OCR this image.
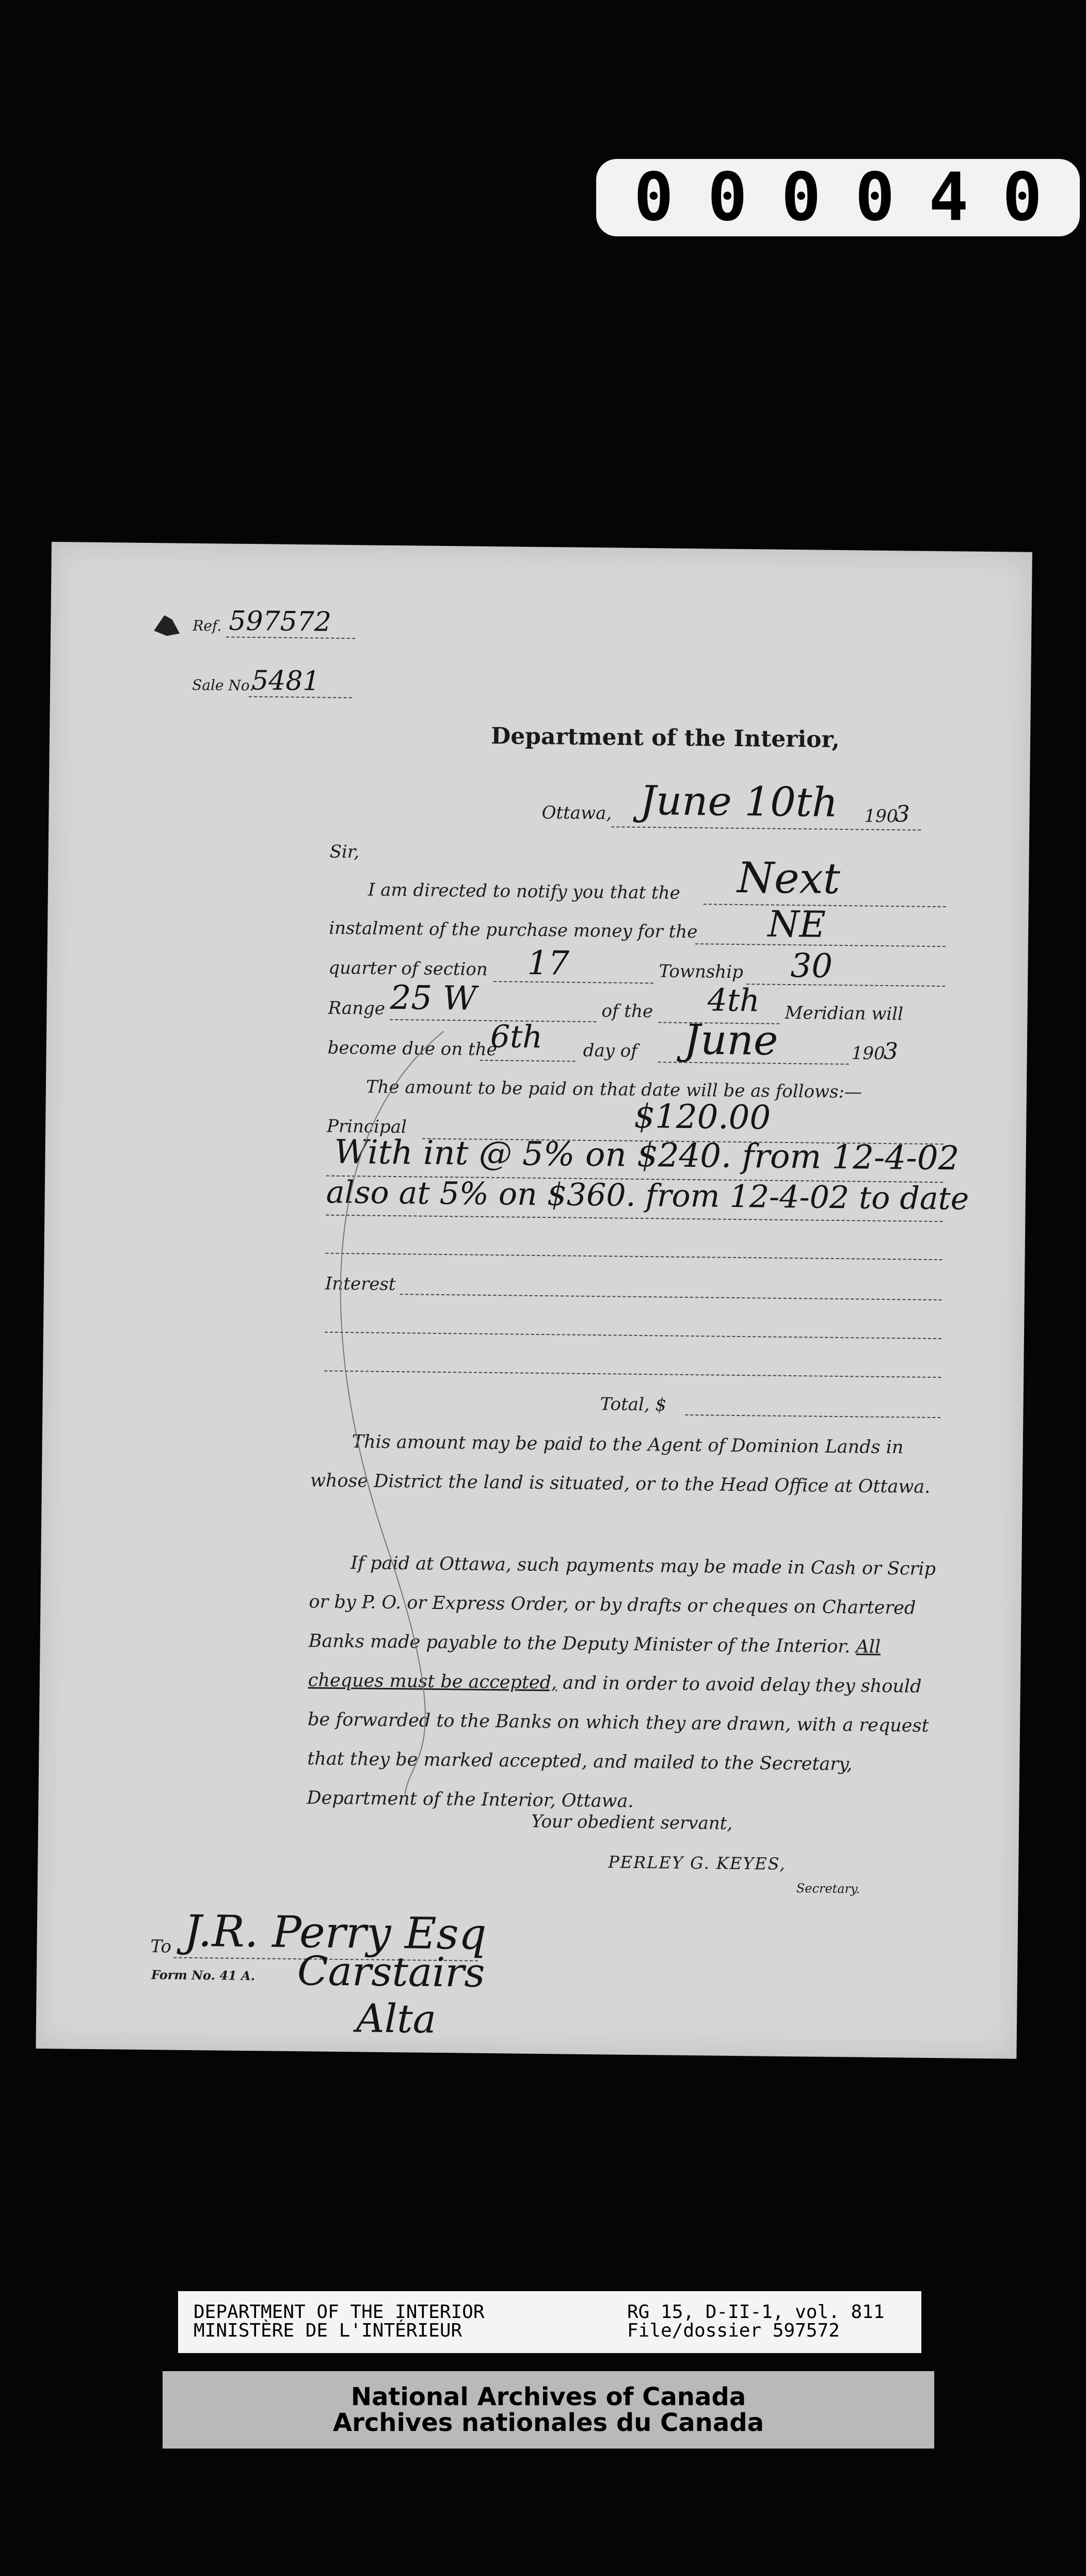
0 0 0 0 4 0
Ref. 597572
Sale No.
5481
Department of the Interior,
Ottawa, June 10th 190
3
Sir,
I am directed to notify you that the Next
instalment of the purchase money for the NE
quarter of section 17	Township 30
Range 25 W	of the 4th Meridian will
become due on the
6th day of June	190
3
The amount to be paid on that date will be as follows:—
Principal	$120.00
With int @ 5% on $240. from 12-4-02
also at 5% on $360. from 12-4-02 to date
Interest
Total, $
This amount may be paid to the Agent of Dominion Lands in whose District the land is situated, or to the Head Office at Ottawa.
If paid at Ottawa, such payments may be made in Cash or Scrip or by P. O. or Express Order, or by drafts or cheques on Chartered Banks made payable to the Deputy Minister of the Interior. All cheques must be accepted, and in order to avoid delay they should be forwarded to the Banks on which they are drawn, with a request that they be marked accepted, and mailed to the Secretary, Department of the Interior, Ottawa.
Your obedient servant,
PERLEY G. KEYES,
Secretary.
To J.R. Perry Esq
Form No. 41 A. Carstairs
Alta
DEPARTMENT OF THE INTERIOR
MINISTÈRE DE L'INTÉRIEUR
RG 15, D-II-1, vol. 811
File/dossier 597572
National Archives of Canada
Archives nationales du Canada
